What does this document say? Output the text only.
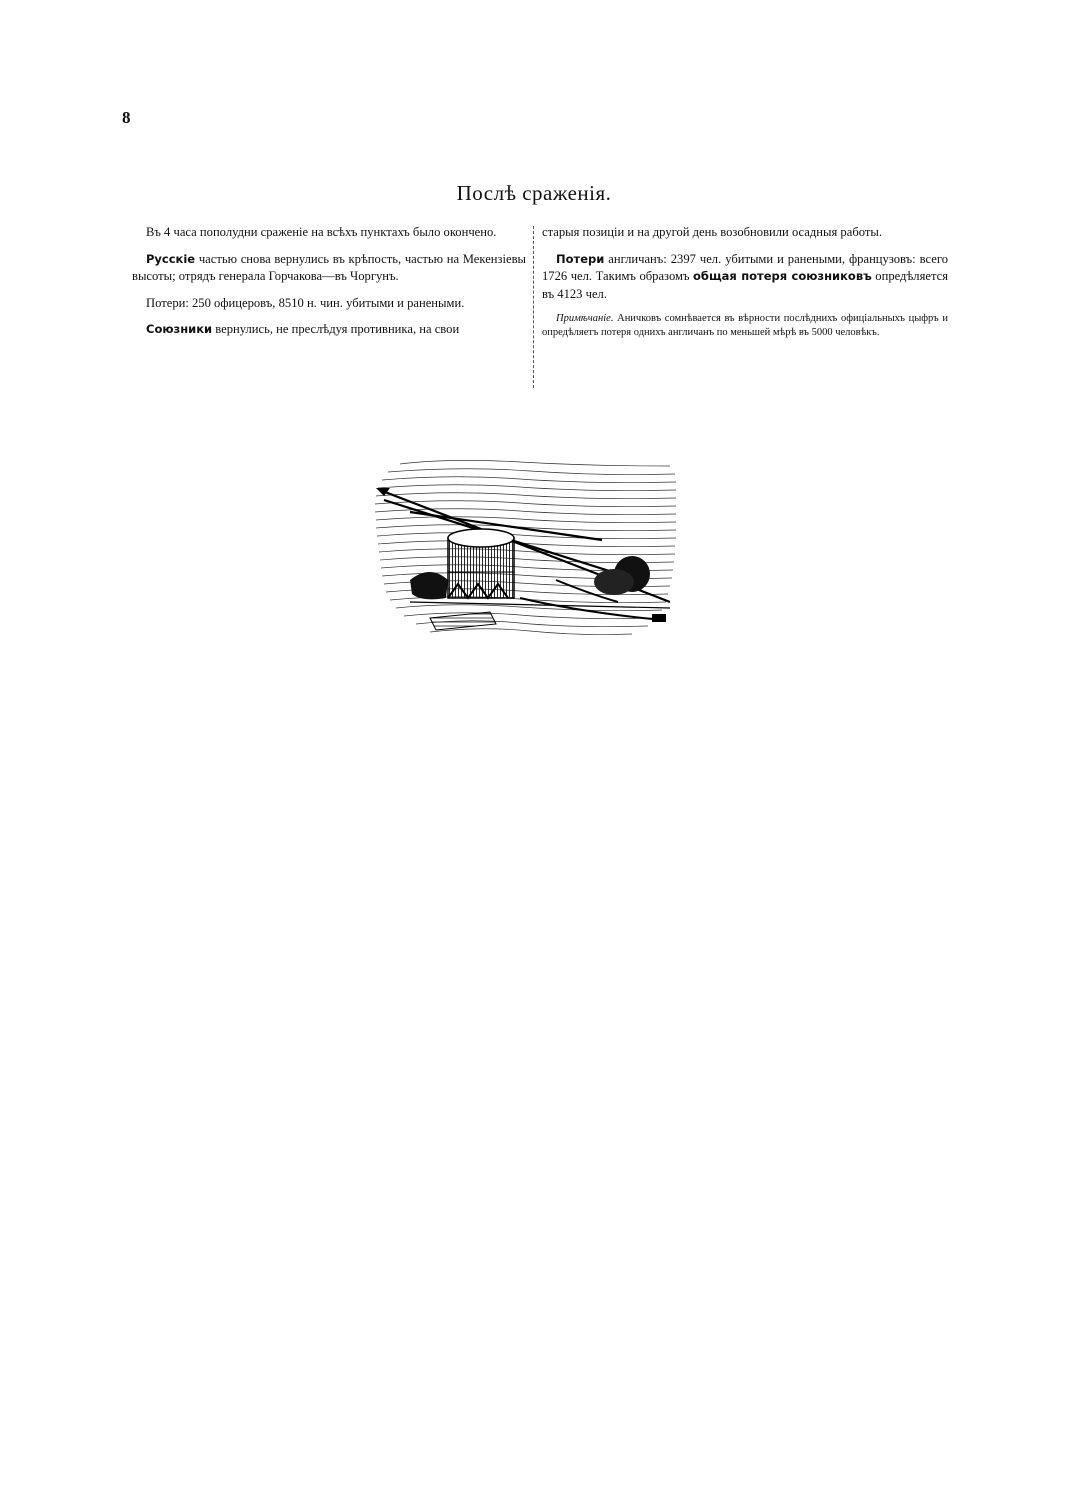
8
Послѣ сраженія.

Въ 4 часа пополудни сраженіе на всѣхъ пунктахъ было окончено.

Русскіе частью снова вернулись въ крѣпость, частью на Мекензіевы высоты; отрядъ генерала Горчакова—въ Чоргунъ.

Потери: 250 офицеровъ, 8510 н. чин. убитыми и ранеными.

Союзники вернулись, не преслѣдуя противника, на свои

старыя позиціи и на другой день возобновили осадныя работы.

Потери англичанъ: 2397 чел. убитыми и ранеными, французовъ: всего 1726 чел. Такимъ образомъ общая потеря союзниковъ опредѣляется въ 4123 чел.

Примѣчаніе. Аничковъ сомнѣвается въ вѣрности послѣднихъ офиціальныхъ цыфръ и опредѣляетъ потеря однихъ англичанъ по меньшей мѣрѣ въ 5000 человѣкъ.
